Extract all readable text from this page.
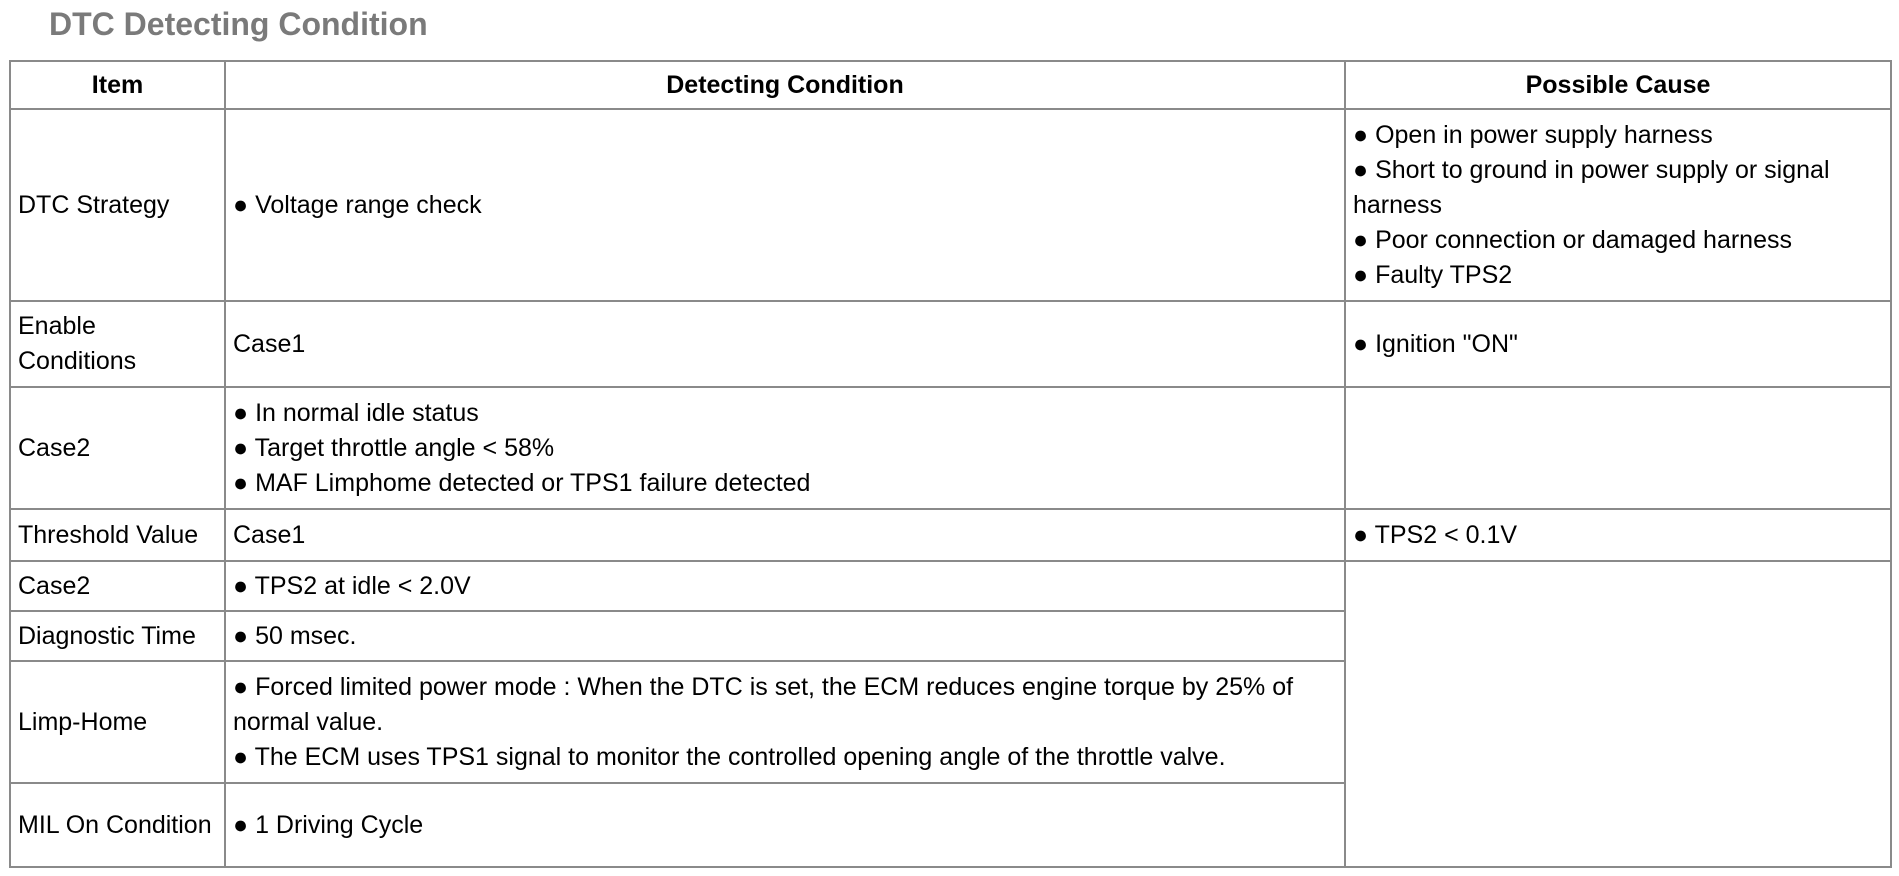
DTC Detecting Condition
Item	Detecting Condition	Possible Cause
DTC Strategy	● Voltage range check	● Open in power supply harness
● Short to ground in power supply or signal harness
● Poor connection or damaged harness
● Faulty TPS2

Enable Conditions	Case1	● Ignition "ON"
Case2	● In normal idle status
● Target throttle angle < 58%
● MAF Limphome detected or TPS1 failure detected	

Threshold Value	Case1	● TPS2 < 0.1V
Case2	● TPS2 at idle < 2.0V	
Diagnostic Time	● 50 msec.	
Limp-Home	● Forced limited power mode : When the DTC is set, the ECM reduces engine torque by 25% of normal value.
● The ECM uses TPS1 signal to monitor the controlled opening angle of the throttle valve.	

MIL On Condition	● 1 Driving Cycle	
